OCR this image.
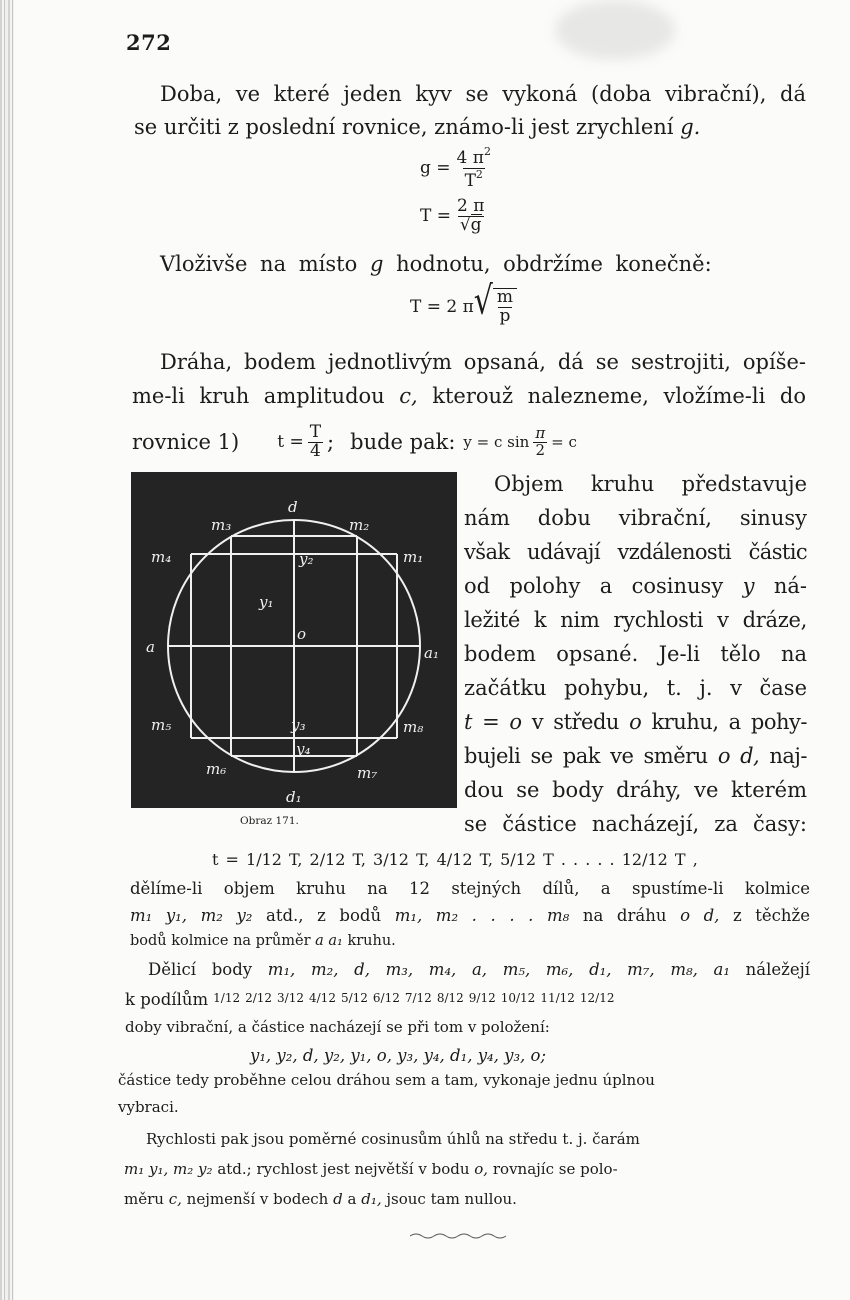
272
Doba, ve které jeden kyv se vykoná (doba vibrační), dá
se určiti z poslední rovnice, známo-li jest zrychlení g.
$g = \frac{4 \pi^2}{T^2}$
$T = \frac{2 \pi}{√g}$
Vloživše na místo g hodnotu, obdržíme konečně:
T = 2 π √ $\frac{m}{p}$
Dráha, bodem jednotlivým opsaná, dá se sestrojiti, opíše-
me-li kruh amplitudou c, kterouž nalezneme, vložíme-li do
rovnice 1) $t = \frac{T}{4}$ ; bude pak: y = c $\sin \frac{\pi}{2} = c$
d
d₁
a	a₁
o
m₃	m₂
m₁
m₄
m₅	m₈
m₆	m₇
y₂
y₁
y₃
y₄
Obraz 171.
Objem kruhu představuje
nám dobu vibrační, sinusy
však udávají vzdálenosti částic
od polohy a cosinusy y ná-
ležité k nim rychlosti v dráze,
bodem opsané. Je-li tělo na
začátku pohybu, t. j. v čase
t = o v středu o kruhu, a pohy-
bujeli se pak ve směru o d, naj-
dou se body dráhy, ve kterém
se částice nacházejí, za časy:
t = 1/12 T, 2/12 T, 3/12 T, 4/12 T, 5/12 T . . . . . 12/12 T ,
dělíme-li objem kruhu na 12 stejných dílů, a spustíme-li kolmice
m₁ y₁, m₂ y₂ atd., z bodů m₁, m₂ . . . . m₈ na dráhu o d, z těchže
bodů kolmice na průměr a a₁ kruhu.
Dělicí body m₁, m₂, d, m₃, m₄, a, m₅, m₆, d₁, m₇, m₈, a₁ náležejí
k podílům 1/12 2/12 3/12 4/12 5/12 6/12 7/12 8/12 9/12 10/12 11/12 12/12
doby vibrační, a částice nacházejí se při tom v položení:
y₁, y₂, d, y₂, y₁, o, y₃, y₄, d₁, y₄, y₃, o;
částice tedy proběhne celou dráhou sem a tam, vykonaje jednu úplnou
vybraci.
Rychlosti pak jsou poměrné cosinusům úhlů na středu t. j. čarám
m₁ y₁, m₂ y₂ atd.; rychlost jest největší v bodu o, rovnajíc se polo-
měru c, nejmenší v bodech d a d₁, jsouc tam nullou.
